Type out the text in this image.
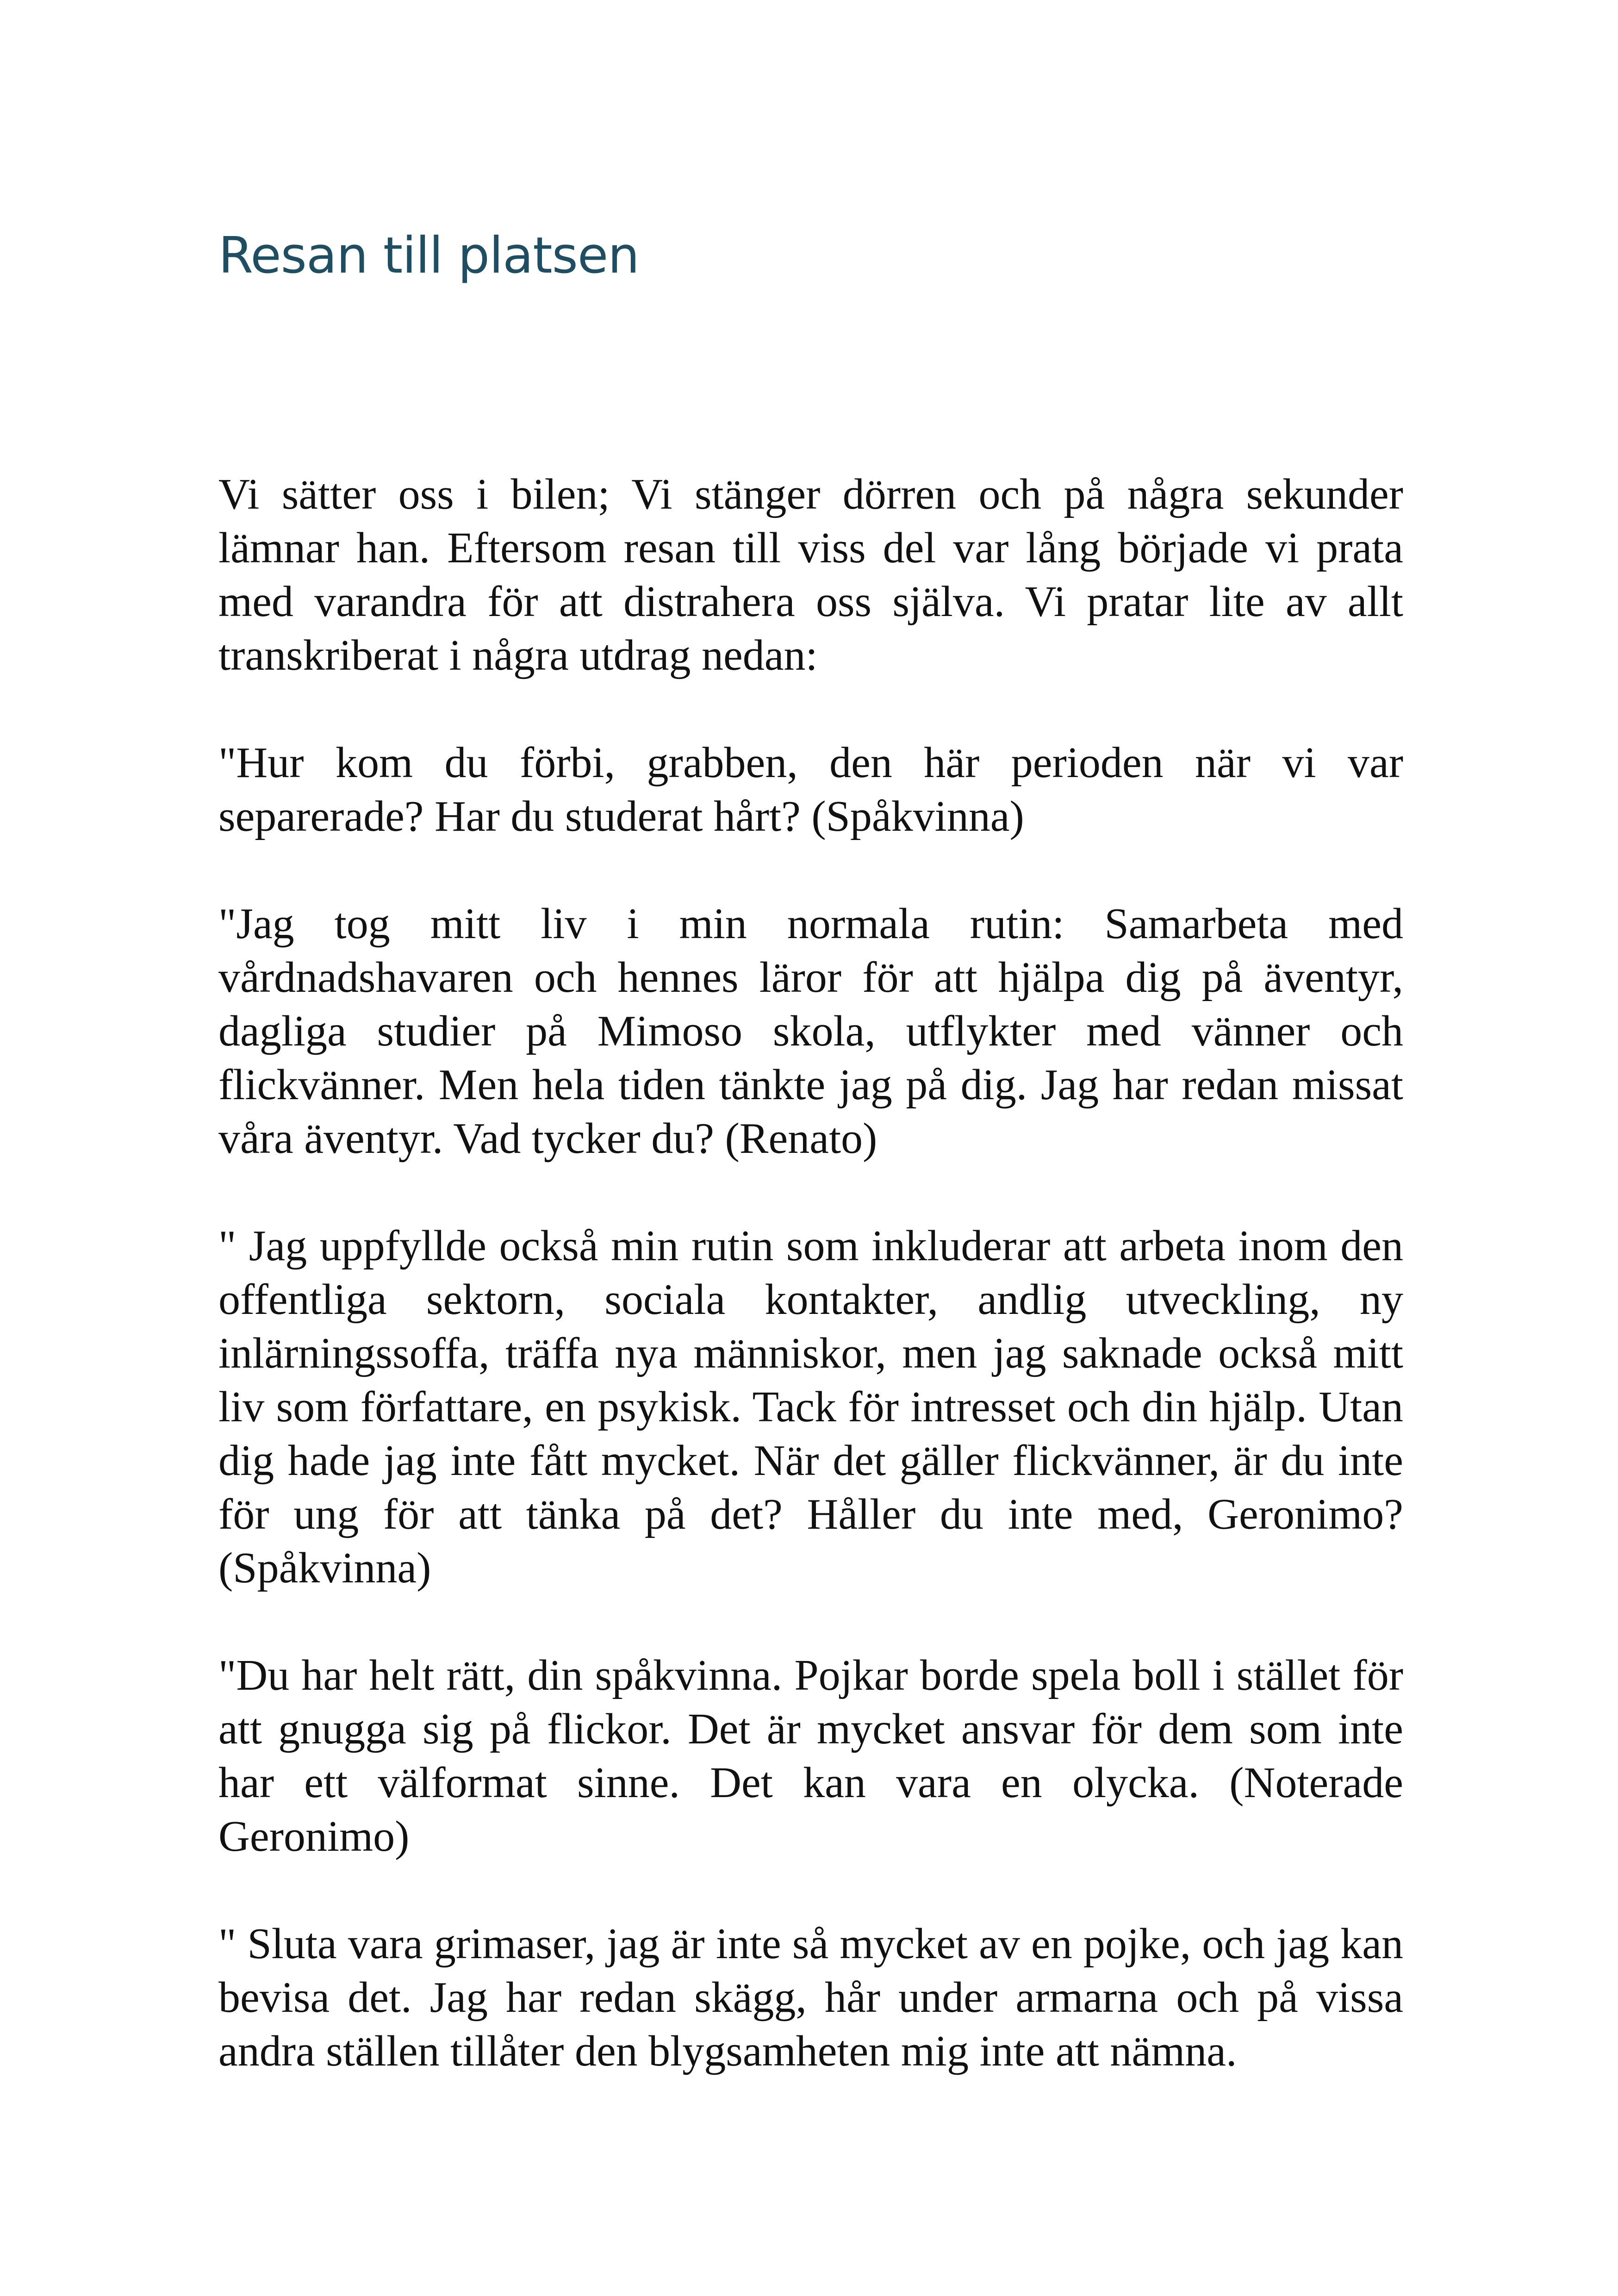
Resan till platsen

Vi sätter oss i bilen; Vi stänger dörren och på några sekunder lämnar han. Eftersom resan till viss del var lång började vi prata med varandra för att distrahera oss själva. Vi pratar lite av allt transkriberat i några utdrag nedan:

"Hur kom du förbi, grabben, den här perioden när vi var separerade? Har du studerat hårt? (Spåkvinna)

"Jag tog mitt liv i min normala rutin: Samarbeta med vårdnadshavaren och hennes läror för att hjälpa dig på äventyr, dagliga studier på Mimoso skola, utflykter med vänner och flickvänner. Men hela tiden tänkte jag på dig. Jag har redan missat våra äventyr. Vad tycker du? (Renato)

" Jag uppfyllde också min rutin som inkluderar att arbeta inom den offentliga sektorn, sociala kontakter, andlig utveckling, ny inlärningssoffa, träffa nya människor, men jag saknade också mitt liv som författare, en psykisk. Tack för intresset och din hjälp. Utan dig hade jag inte fått mycket. När det gäller flickvänner, är du inte för ung för att tänka på det? Håller du inte med, Geronimo? (Spåkvinna)

"Du har helt rätt, din spåkvinna. Pojkar borde spela boll i stället för att gnugga sig på flickor. Det är mycket ansvar för dem som inte har ett välformat sinne. Det kan vara en olycka. (Noterade Geronimo)

" Sluta vara grimaser, jag är inte så mycket av en pojke, och jag kan bevisa det. Jag har redan skägg, hår under armarna och på vissa andra ställen tillåter den blygsamheten mig inte att nämna.
